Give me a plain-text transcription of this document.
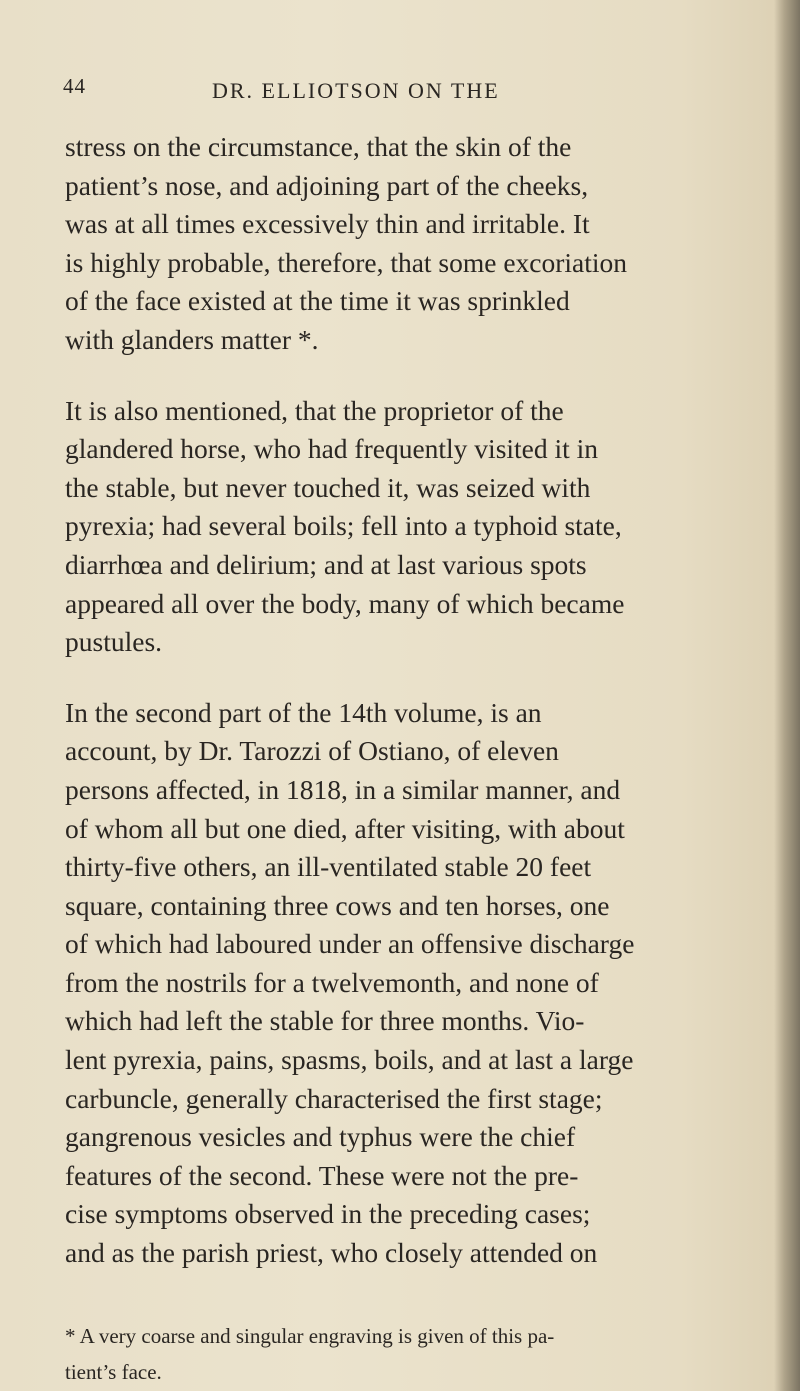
44	DR. ELLIOTSON ON THE
stress on the circumstance, that the skin of the
patient’s nose, and adjoining part of the cheeks,
was at all times excessively thin and irritable. It
is highly probable, therefore, that some excoriation
of the face existed at the time it was sprinkled
with glanders matter *.
It is also mentioned, that the proprietor of the
glandered horse, who had frequently visited it in
the stable, but never touched it, was seized with
pyrexia; had several boils; fell into a typhoid state,
diarrhœa and delirium; and at last various spots
appeared all over the body, many of which became
pustules.
In the second part of the 14th volume, is an
account, by Dr. Tarozzi of Ostiano, of eleven
persons affected, in 1818, in a similar manner, and
of whom all but one died, after visiting, with about
thirty-five others, an ill-ventilated stable 20 feet
square, containing three cows and ten horses, one
of which had laboured under an offensive discharge
from the nostrils for a twelvemonth, and none of
which had left the stable for three months. Vio-
lent pyrexia, pains, spasms, boils, and at last a large
carbuncle, generally characterised the first stage;
gangrenous vesicles and typhus were the chief
features of the second. These were not the pre-
cise symptoms observed in the preceding cases;
and as the parish priest, who closely attended on
* A very coarse and singular engraving is given of this pa-
tient’s face.
